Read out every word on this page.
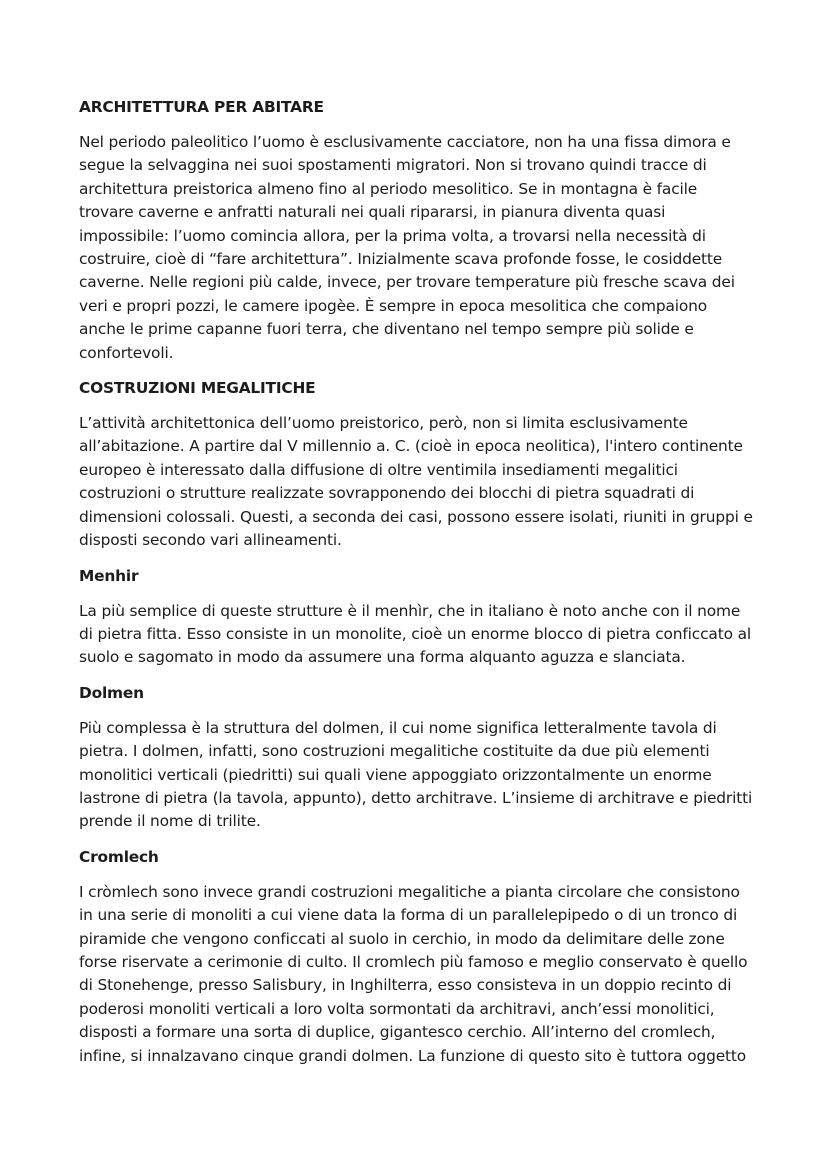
ARCHITETTURA PER ABITARE
Nel periodo paleolitico l’uomo è esclusivamente cacciatore, non ha una fissa dimora e segue la selvaggina nei suoi spostamenti migratori. Non si trovano quindi tracce di architettura preistorica almeno fino al periodo mesolitico. Se in montagna è facile trovare caverne e anfratti naturali nei quali ripararsi, in pianura diventa quasi impossibile: l’uomo comincia allora, per la prima volta, a trovarsi nella necessità di costruire, cioè di “fare architettura”. Inizialmente scava profonde fosse, le cosiddette caverne. Nelle regioni più calde, invece, per trovare temperature più fresche scava dei veri e propri pozzi, le camere ipogèe. È sempre in epoca mesolitica che compaiono anche le prime capanne fuori terra, che diventano nel tempo sempre più solide e confortevoli.
COSTRUZIONI MEGALITICHE
L’attività architettonica dell’uomo preistorico, però, non si limita esclusivamente all’abitazione. A partire dal V millennio a. C. (cioè in epoca neolitica), l'intero continente europeo è interessato dalla diffusione di oltre ventimila insediamenti megalitici costruzioni o strutture realizzate sovrapponendo dei blocchi di pietra squadrati di dimensioni colossali. Questi, a seconda dei casi, possono essere isolati, riuniti in gruppi e disposti secondo vari allineamenti.
Menhir
La più semplice di queste strutture è il menhìr, che in italiano è noto anche con il nome di pietra fitta. Esso consiste in un monolite, cioè un enorme blocco di pietra conficcato al suolo e sagomato in modo da assumere una forma alquanto aguzza e slanciata.
Dolmen
Più complessa è la struttura del dolmen, il cui nome significa letteralmente tavola di pietra. I dolmen, infatti, sono costruzioni megalitiche costituite da due più elementi monolitici verticali (piedritti) sui quali viene appoggiato orizzontalmente un enorme lastrone di pietra (la tavola, appunto), detto architrave. L’insieme di architrave e piedritti prende il nome di trilite.
Cromlech
I cròmlech sono invece grandi costruzioni megalitiche a pianta circolare che consistono in una serie di monoliti a cui viene data la forma di un parallelepipedo o di un tronco di piramide che vengono conficcati al suolo in cerchio, in modo da delimitare delle zone forse riservate a cerimonie di culto. Il cromlech più famoso e meglio conservato è quello di Stonehenge, presso Salisbury, in Inghilterra, esso consisteva in un doppio recinto di poderosi monoliti verticali a loro volta sormontati da architravi, anch’essi monolitici, disposti a formare una sorta di duplice, gigantesco cerchio. All’interno del cromlech, infine, si innalzavano cinque grandi dolmen. La funzione di questo sito è tuttora oggetto
